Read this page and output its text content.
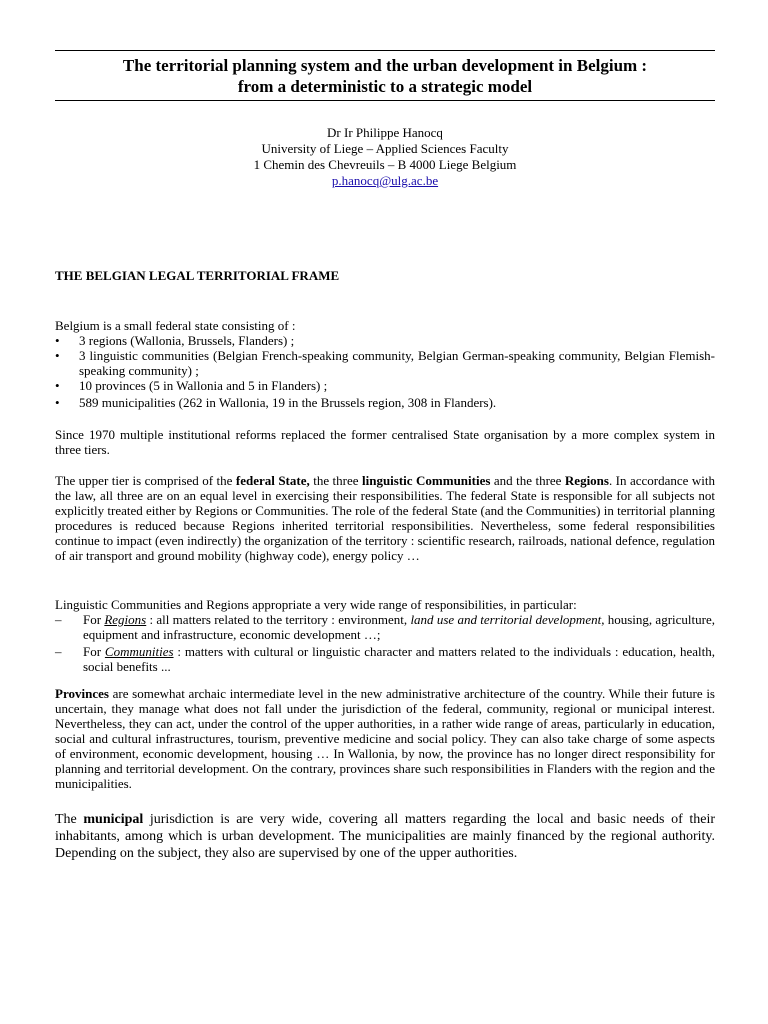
The territorial planning system and the urban development in Belgium :
from a deterministic to a strategic model
Dr Ir Philippe Hanocq
University of Liege – Applied Sciences Faculty
1 Chemin des Chevreuils – B 4000 Liege Belgium
p.hanocq@ulg.ac.be
THE BELGIAN LEGAL TERRITORIAL FRAME

Belgium is a small federal state consisting of :

• 3 regions (Wallonia, Brussels, Flanders) ;
• 3 linguistic communities (Belgian French-speaking community, Belgian German-speaking community, Belgian Flemish-speaking community) ;
• 10 provinces (5 in Wallonia and 5 in Flanders) ;
• 589 municipalities (262 in Wallonia, 19 in the Brussels region, 308 in Flanders).

Since 1970 multiple institutional reforms replaced the former centralised State organisation by a more complex system in three tiers.

The upper tier is comprised of the federal State, the three linguistic Communities and the three Regions. In accordance with the law, all three are on an equal level in exercising their responsibilities. The federal State is responsible for all subjects not explicitly treated either by Regions or Communities. The role of the federal State (and the Communities) in territorial planning procedures is reduced because Regions inherited territorial responsibilities. Nevertheless, some federal responsibilities continue to impact (even indirectly) the organization of the territory : scientific research, railroads, national defence, regulation of air transport and ground mobility (highway code), energy policy …

Linguistic Communities and Regions appropriate a very wide range of responsibilities, in particular:

– For Regions : all matters related to the territory : environment, land use and territorial development, housing, agriculture, equipment and infrastructure, economic development …;
– For Communities : matters with cultural or linguistic character and matters related to the individuals : education, health, social benefits ...

Provinces are somewhat archaic intermediate level in the new administrative architecture of the country. While their future is uncertain, they manage what does not fall under the jurisdiction of the federal, community, regional or municipal interest. Nevertheless, they can act, under the control of the upper authorities, in a rather wide range of areas, particularly in education, social and cultural infrastructures, tourism, preventive medicine and social policy. They can also take charge of some aspects of environment, economic development, housing … In Wallonia, by now, the province has no longer direct responsibility for planning and territorial development. On the contrary, provinces share such responsibilities in Flanders with the region and the municipalities.

The municipal jurisdiction is are very wide, covering all matters regarding the local and basic needs of their inhabitants, among which is urban development. The municipalities are mainly financed by the regional authority. Depending on the subject, they also are supervised by one of the upper authorities.
